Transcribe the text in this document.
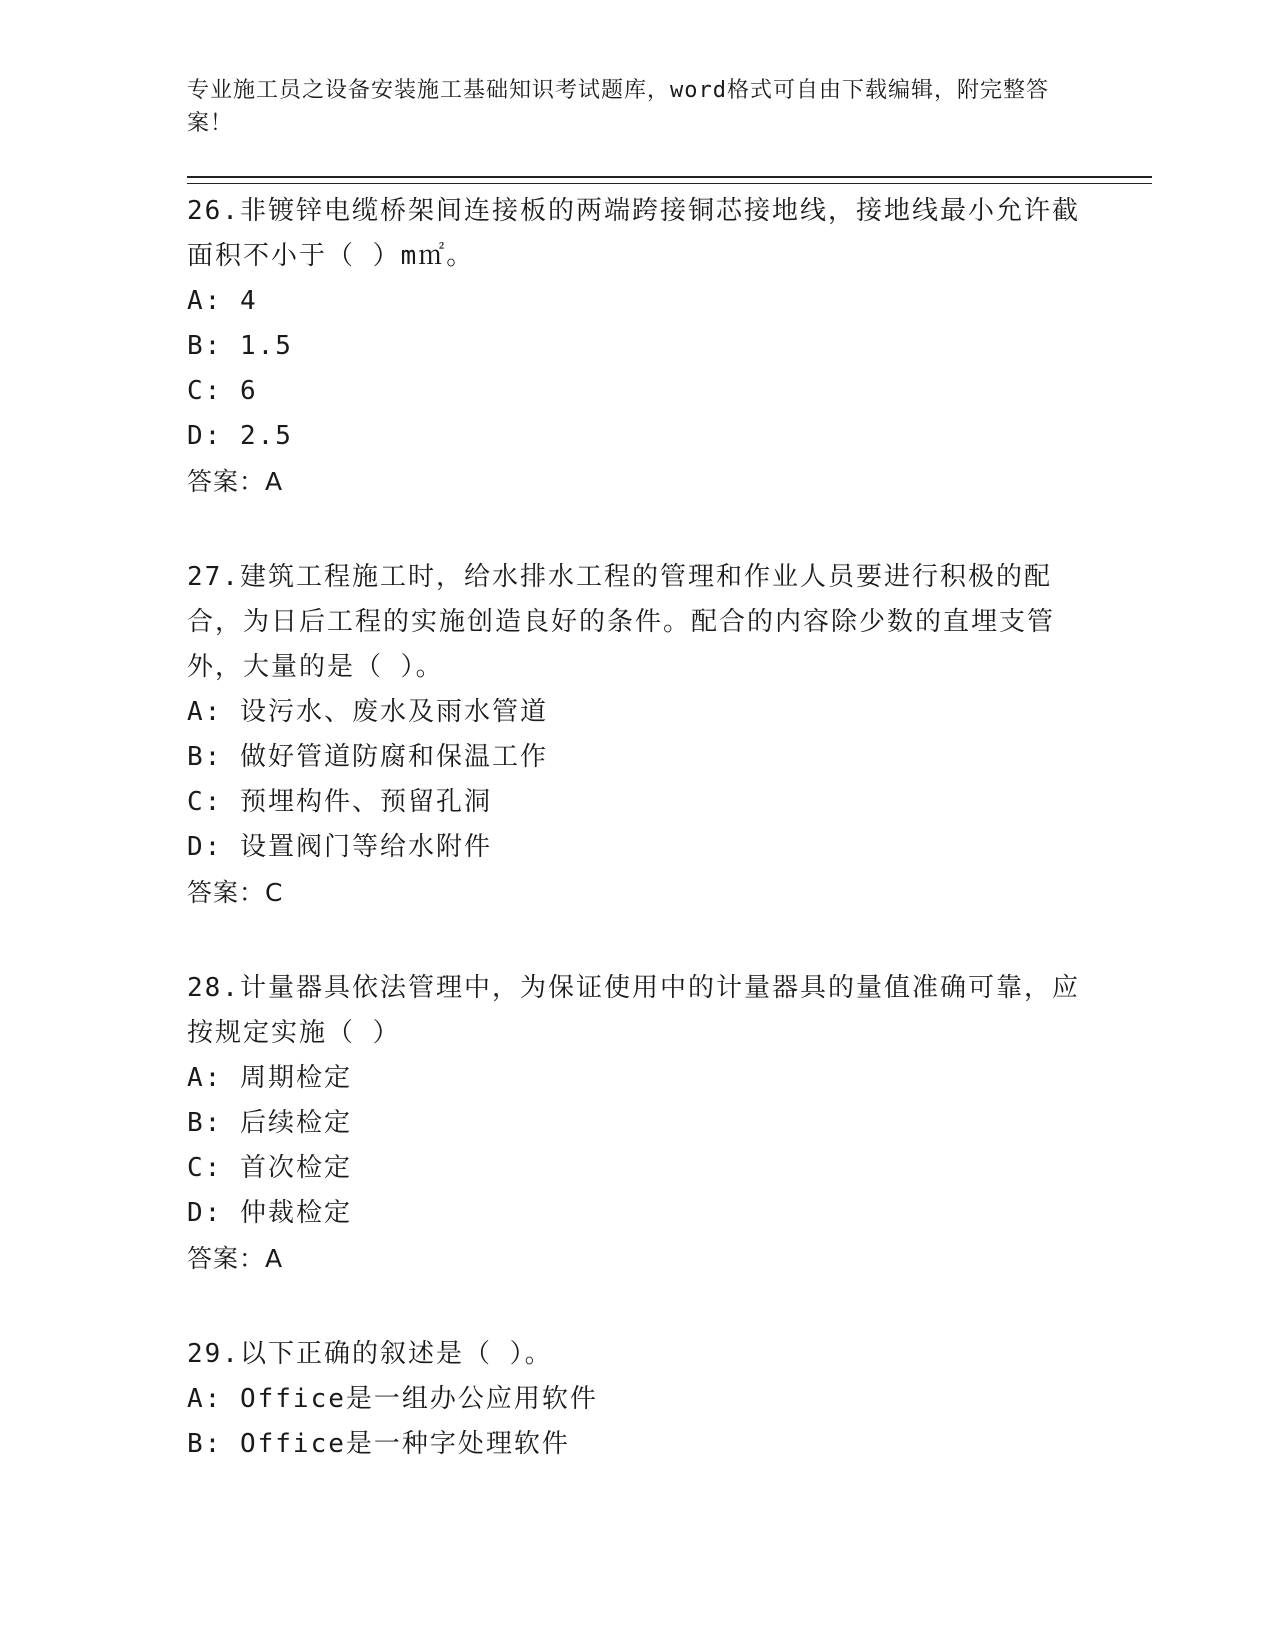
专业施工员之设备安装施工基础知识考试题库，word格式可自由下载编辑，附完整答案！
26.非镀锌电缆桥架间连接板的两端跨接铜芯接地线，接地线最小允许截面积不小于（ ）m㎡。
A: 4
B: 1.5
C: 6
D: 2.5
答案：A
27.建筑工程施工时，给水排水工程的管理和作业人员要进行积极的配合，为日后工程的实施创造良好的条件。配合的内容除少数的直埋支管外，大量的是（ ）。
A: 设污水、废水及雨水管道
B: 做好管道防腐和保温工作
C: 预埋构件、预留孔洞
D: 设置阀门等给水附件
答案：C
28.计量器具依法管理中，为保证使用中的计量器具的量值准确可靠，应按规定实施（ ）
A: 周期检定
B: 后续检定
C: 首次检定
D: 仲裁检定
答案：A
29.以下正确的叙述是（ ）。
A: Office是一组办公应用软件
B: Office是一种字处理软件
